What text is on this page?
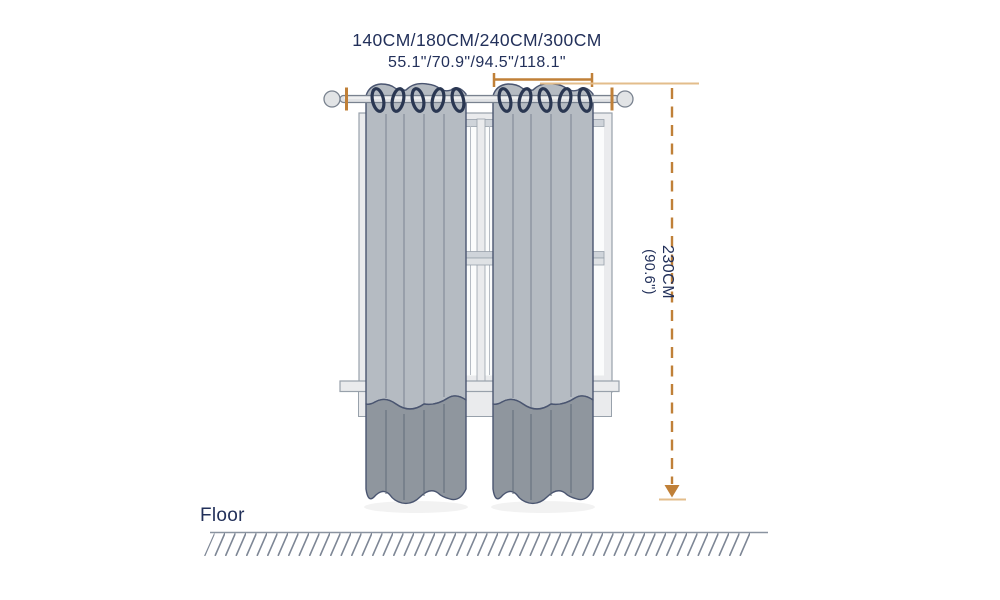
140CM/180CM/240CM/300CM
55.1"/70.9"/94.5"/118.1"
230CM
(90.6")
Floor
